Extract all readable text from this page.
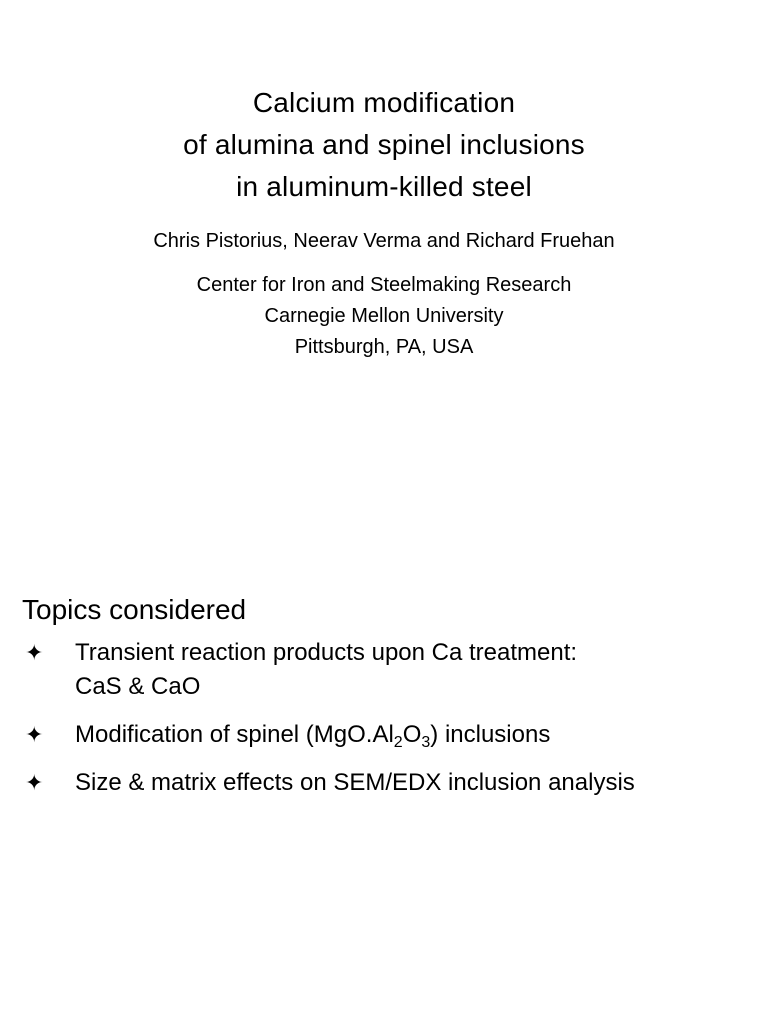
Calcium modification
of alumina and spinel inclusions
in aluminum-killed steel
Chris Pistorius, Neerav Verma and Richard Fruehan
Center for Iron and Steelmaking Research
Carnegie Mellon University
Pittsburgh, PA, USA
Topics considered
✦ Transient reaction products upon Ca treatment:
CaS & CaO
✦ Modification of spinel $(MgO.Al_2O_3)$ inclusions
✦ Size & matrix effects on SEM/EDX inclusion analysis
